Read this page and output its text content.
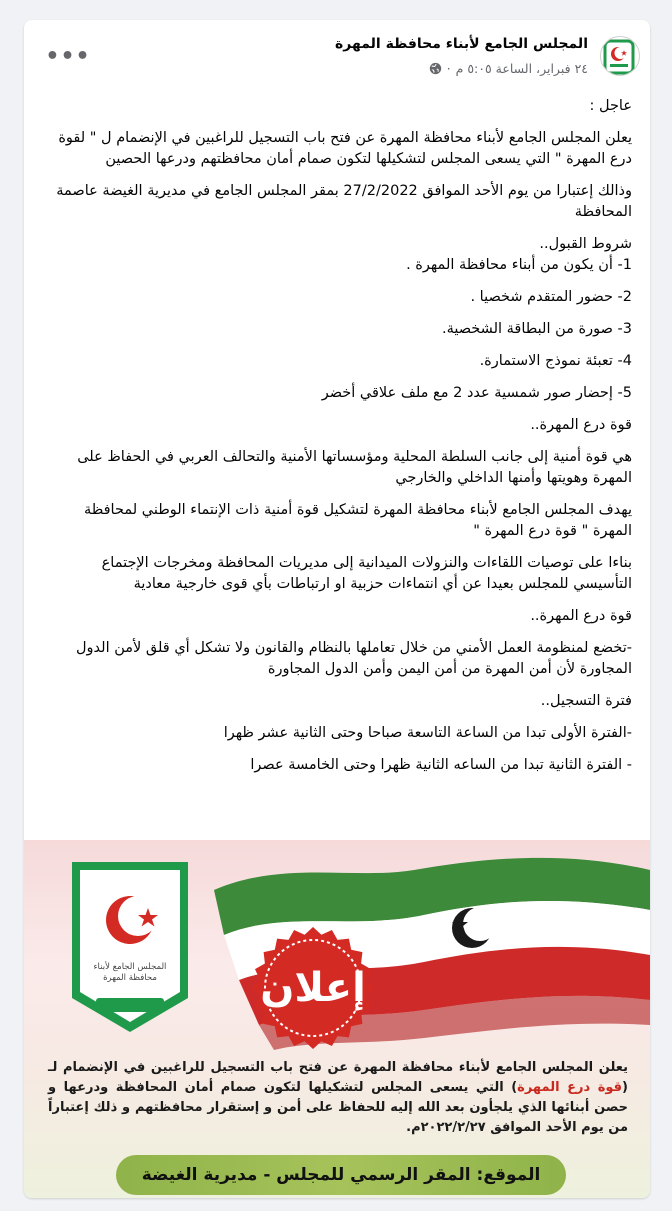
المجلس الجامع لأبناء محافظة المهرة
٢٤ فبراير، الساعة ٥:٠٥ م
·
•••

عاجل :

يعلن المجلس الجامع لأبناء محافظة المهرة عن فتح باب التسجيل للراغبين في الإنضمام ل " لقوة درع المهرة " التي يسعى المجلس لتشكيلها لتكون صمام أمان محافظتهم ودرعها الحصين

وذالك إعتبارا من يوم الأحد الموافق 27/2/2022 بمقر المجلس الجامع في مديرية الغيضة عاصمة المحافظة

شروط القبول..

1- أن يكون من أبناء محافظة المهرة .

2- حضور المتقدم شخصيا .

3- صورة من البطاقة الشخصية.

4- تعبئة نموذج الاستمارة.

5- إحضار صور شمسية عدد 2 مع ملف علاقي أخضر

قوة درع المهرة..

هي قوة أمنية إلى جانب السلطة المحلية ومؤسساتها الأمنية والتحالف العربي في الحفاظ على المهرة وهويتها وأمنها الداخلي والخارجي

يهدف المجلس الجامع لأبناء محافظة المهرة لتشكيل قوة أمنية ذات الإنتماء الوطني لمحافظة المهرة " قوة درع المهرة "

بناءا على توصيات اللقاءات والنزولات الميدانية إلى مديريات المحافظة ومخرجات الإجتماع التأسيسي للمجلس بعيدا عن أي انتماءات حزبية او ارتباطات بأي قوى خارجية معادية

قوة درع المهرة..

-تخضع لمنظومة العمل الأمني من خلال تعاملها بالنظام والقانون ولا تشكل أي قلق لأمن الدول المجاورة لأن أمن المهرة من أمن اليمن وأمن الدول المجاورة

فترة التسجيل..

-الفترة الأولى تبدا من الساعة التاسعة صباحا وحتى الثانية عشر ظهرا

- الفترة الثانية تبدا من الساعه الثانية ظهرا وحتى الخامسة عصرا

المجلس الجامع لأبناء محافظة المهرة	إعلان
يعلن المجلس الجامع لأبناء محافظة المهرة عن فتح باب التسجيل للراغبين في الإنضمام لـ (قوة درع المهرة) التي يسعى المجلس لتشكيلها لتكون صمام أمان المحافظة ودرعها و حصن أبنائها الذي يلجأون بعد الله إليه للحفاظ على أمن و إستقرار محافظتهم و ذلك إعتباراً من يوم الأحد الموافق ٢٠٢٢/٢/٢٧م.
الموقع: المقر الرسمي للمجلس - مديرية الغيضة
